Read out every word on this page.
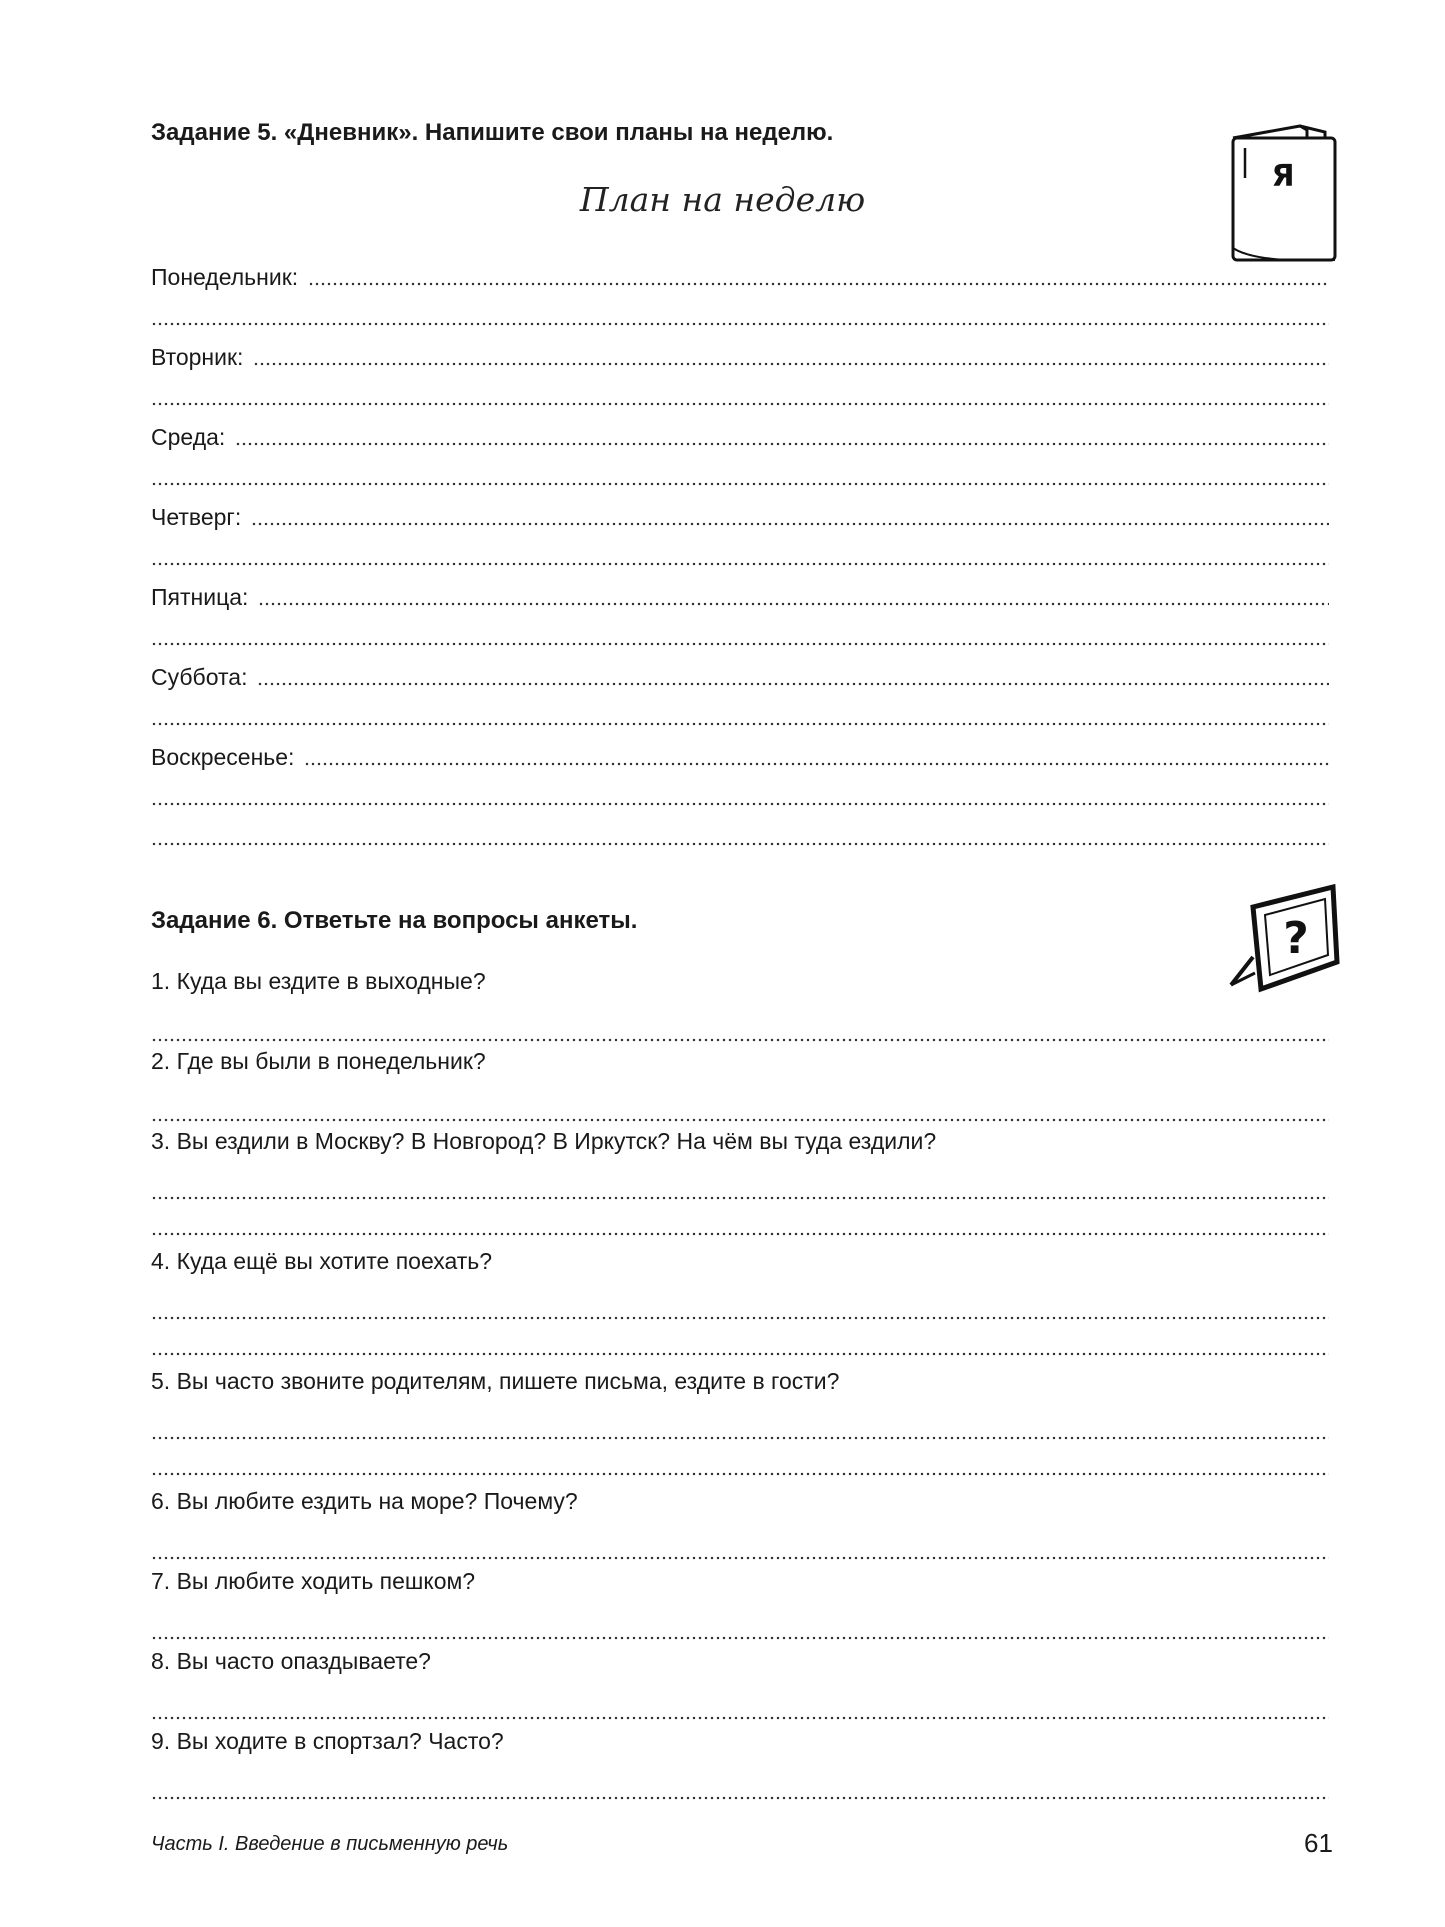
Задание 5. «Дневник». Напишите свои планы на неделю.
Я
План на неделю
Понедельник:
Вторник:
Среда:
Четверг:
Пятница:
Суббота:
Воскресенье:
Задание 6. Ответьте на вопросы анкеты.	?
1. Куда вы ездите в выходные?
2. Где вы были в понедельник?
3. Вы ездили в Москву? В Новгород? В Иркутск? На чём вы туда ездили?
4. Куда ещё вы хотите поехать?
5. Вы часто звоните родителям, пишете письма, ездите в гости?
6. Вы любите ездить на море? Почему?
7. Вы любите ходить пешком?
8. Вы часто опаздываете?
9. Вы ходите в спортзал? Часто?
Часть I. Введение в письменную речь	61
